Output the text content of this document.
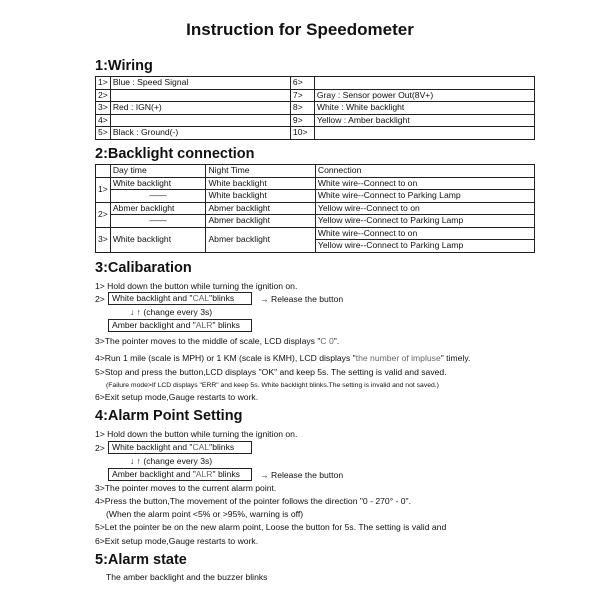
Instruction for Speedometer
1:Wiring
1>	Blue : Speed Signal	6>	
2>		7>	Gray : Sensor power Out(8V+)
3>	Red : IGN(+)	8>	White : White backlight
4>		9>	Yellow : Amber backlight
5>	Black : Ground(-)	10>	
2:Backlight connection
	Day time	Night Time	Connection
1>	White backlight	White backlight	White wire--Connect to on
	——	White backlight	White wire--Connect to Parking Lamp
2>	Abmer backlight	Abmer backlight	Yellow wire--Connect to on
	——	Abmer backlight	Yellow wire--Connect to Parking Lamp
3>	White backlight	Abmer backlight	White wire--Connect to on
			Yellow wire--Connect to Parking Lamp
3:Calibaration
1> Hold down the button while turning the ignition on.
2> White backlight and "CAL"blinks	→ Release the button
↓ ↑ (change every 3s)
Amber backlight and "ALR" blinks
3>The pointer moves to the middle of scale, LCD displays "C 0".
4>Run 1 mile (scale is MPH) or 1 KM (scale is KMH), LCD displays "the number of impluse" timely.
5>Stop and press the button,LCD displays "OK" and keep 5s. The setting is valid and saved.
(Failure mode>If LCD displays "ERR" and keep 5s. White backlight blinks.The setting is invalid and not saved.)
6>Exit setup mode,Gauge restarts to work.
4:Alarm Point Setting
1> Hold down the button while turning the ignition on.
2> White backlight and "CAL"blinks
↓ ↑ (change every 3s)
Amber backlight and "ALR" blinks	→ Release the button
3>The pointer moves to the current alarm point.
4>Press the button,The movement of the pointer follows the direction "0 - 270° - 0".
(When the alarm point <5% or >95%, warning is off)
5>Let the pointer be on the new alarm point, Loose the button for 5s. The setting is valid and
6>Exit setup mode,Gauge restarts to work.
5:Alarm state
The amber backlight and the buzzer blinks
